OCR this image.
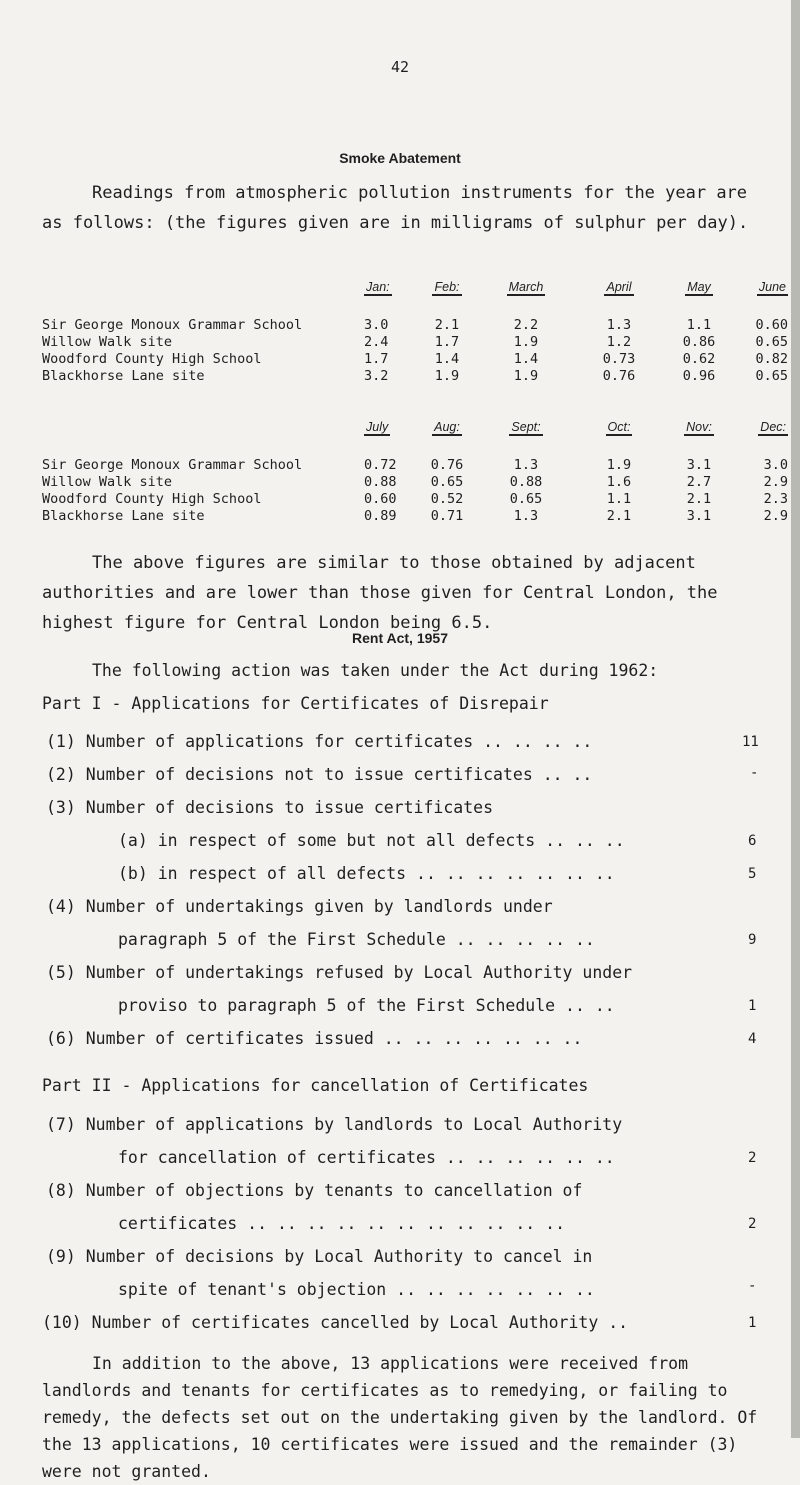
42
Smoke Abatement
Readings from atmospheric pollution instruments for the year are as follows: (the figures given are in milligrams of sulphur per day).
	Jan:	Feb:	March	April	May	June

Sir George Monoux Grammar School	3.0	2.1	2.2	1.3	1.1	0.60
Willow Walk site	2.4	1.7	1.9	1.2	0.86	0.65
Woodford County High School	1.7	1.4	1.4	0.73	0.62	0.82
Blackhorse Lane site	3.2	1.9	1.9	0.76	0.96	0.65
	July	Aug:	Sept:	Oct:	Nov:	Dec:

Sir George Monoux Grammar School	0.72	0.76	1.3	1.9	3.1	3.0
Willow Walk site	0.88	0.65	0.88	1.6	2.7	2.9
Woodford County High School	0.60	0.52	0.65	1.1	2.1	2.3
Blackhorse Lane site	0.89	0.71	1.3	2.1	3.1	2.9
The above figures are similar to those obtained by adjacent authorities and are lower than those given for Central London, the highest figure for Central London being 6.5.
Rent Act, 1957
The following action was taken under the Act during 1962:
Part I - Applications for Certificates of Disrepair
(1) Number of applications for certificates .. .. .. ..	11
(2) Number of decisions not to issue certificates .. ..	-
(3) Number of decisions to issue certificates
(a) in respect of some but not all defects .. .. ..	6
(b) in respect of all defects .. .. .. .. .. .. ..	5
(4) Number of undertakings given by landlords under
paragraph 5 of the First Schedule .. .. .. .. ..	9
(5) Number of undertakings refused by Local Authority under
proviso to paragraph 5 of the First Schedule .. ..	1
(6) Number of certificates issued .. .. .. .. .. .. ..	4
Part II - Applications for cancellation of Certificates
(7) Number of applications by landlords to Local Authority
for cancellation of certificates .. .. .. .. .. ..	2
(8) Number of objections by tenants to cancellation of
certificates .. .. .. .. .. .. .. .. .. .. ..	2
(9) Number of decisions by Local Authority to cancel in
spite of tenant's objection .. .. .. .. .. .. ..	-
(10) Number of certificates cancelled by Local Authority ..	1
In addition to the above, 13 applications were received from landlords and tenants for certificates as to remedying, or failing to remedy, the defects set out on the undertaking given by the landlord. Of the 13 applications, 10 certificates were issued and the remainder (3) were not granted.
